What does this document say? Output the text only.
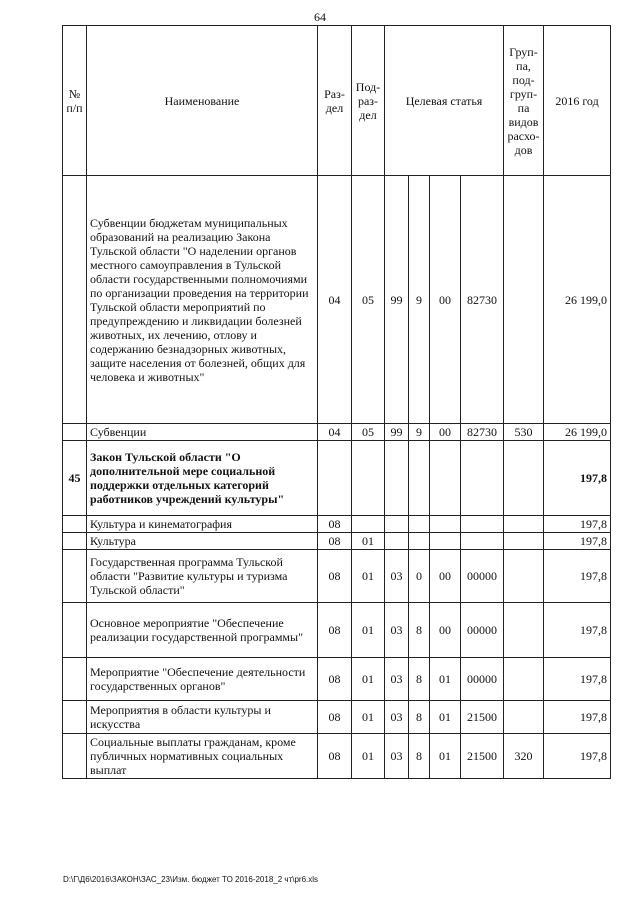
64
№ п/п	Наименование	Раз- дел	Под- раз- дел	Целевая статья				Груп- па, под- груп- па видов расхо- дов	2016 год
	Субвенции бюджетам муниципальных образований на реализацию Закона Тульской области "О наделении органов местного самоуправления в Тульской области государственными полномочиями по организации проведения на территории Тульской области мероприятий по предупреждению и ликвидации болезней животных, их лечению, отлову и содержанию безнадзорных животных, защите населения от болезней, общих для человека и животных"	04	05	99	9	00	82730		26 199,0
	Субвенции	04	05	99	9	00	82730	530	26 199,0
45	Закон Тульской области "О дополнительной мере социальной поддержки отдельных категорий работников учреждений культуры"								197,8
	Культура и кинематография	08							197,8
	Культура	08	01						197,8
	Государственная программа Тульской области "Развитие культуры и туризма Тульской области"	08	01	03	0	00	00000		197,8
	Основное мероприятие "Обеспечение реализации государственной программы"	08	01	03	8	00	00000		197,8
	Мероприятие "Обеспечение деятельности государственных органов"	08	01	03	8	01	00000		197,8
	Мероприятия в области культуры и искусства	08	01	03	8	01	21500		197,8
	Социальные выплаты гражданам, кроме публичных нормативных социальных выплат	08	01	03	8	01	21500	320	197,8
D:\Г\Д6\2016\ЗАКОН\ЗАС_23\Изм. бюджет ТО 2016-2018_2 чт\pr6.xls
